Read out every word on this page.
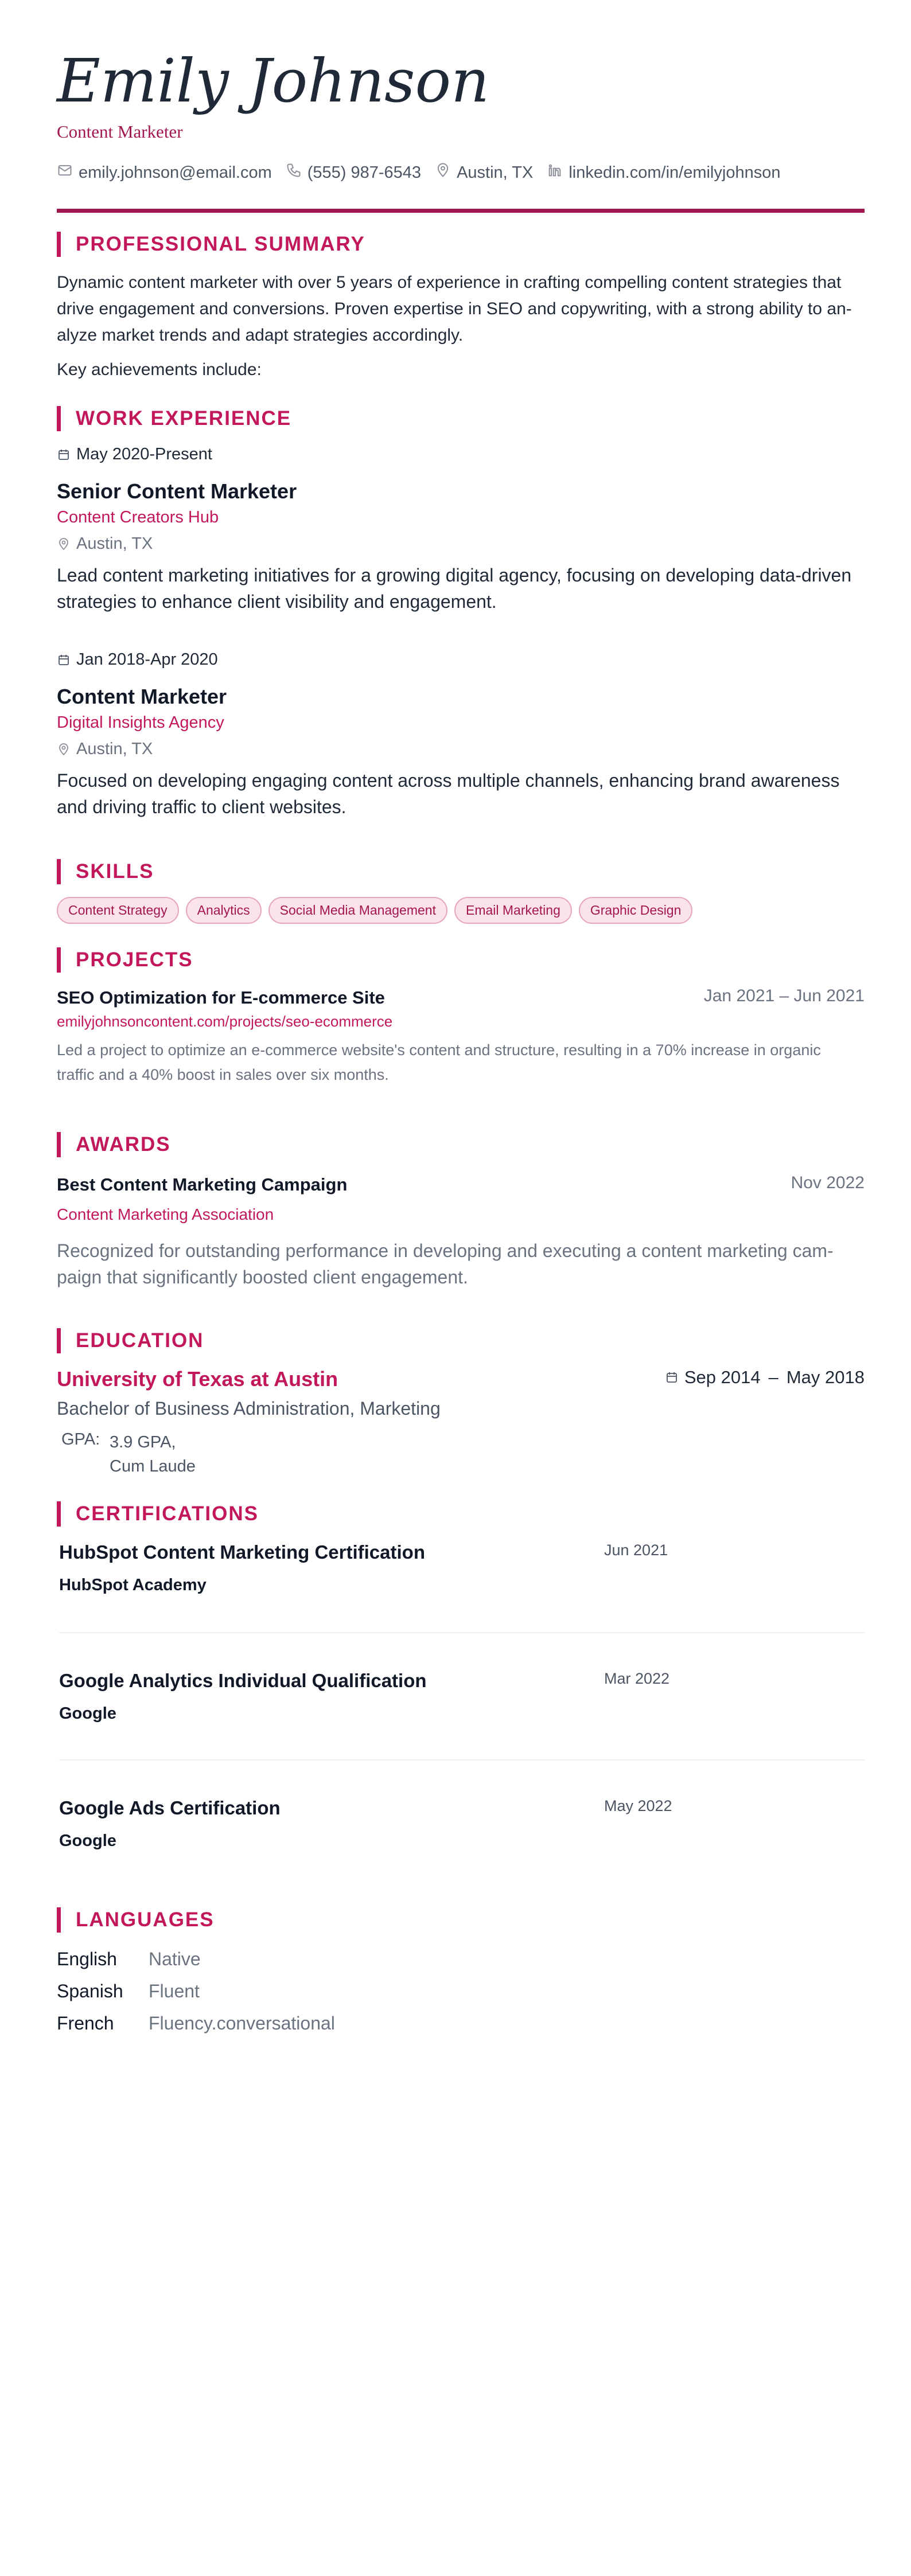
Emily Johnson
Content Marketer
emily.johnson@email.com (555) 987-6543 Austin, TX linkedin.com/in/emilyjohnson
PROFESSIONAL SUMMARY
Dynamic content marketer with over 5 years of experience in crafting compelling content strategies that
drive engagement and conversions. Proven expertise in SEO and copywriting, with a strong ability to an-
alyze market trends and adapt strategies accordingly.
Key achievements include:
WORK EXPERIENCE
May 2020-Present
Senior Content Marketer
Content Creators Hub
Austin, TX
Lead content marketing initiatives for a growing digital agency, focusing on developing data-driven
strategies to enhance client visibility and engagement.
Jan 2018-Apr 2020
Content Marketer
Digital Insights Agency
Austin, TX
Focused on developing engaging content across multiple channels, enhancing brand awareness
and driving traffic to client websites.
SKILLS
Content Strategy	Analytics	Social Media Management	Email Marketing	Graphic Design
PROJECTS
SEO Optimization for E-commerce Site	Jan 2021 – Jun 2021
emilyjohnsoncontent.com/projects/seo-ecommerce
Led a project to optimize an e-commerce website's content and structure, resulting in a 70% increase in organic
traffic and a 40% boost in sales over six months.
AWARDS
Best Content Marketing Campaign	Nov 2022
Content Marketing Association
Recognized for outstanding performance in developing and executing a content marketing cam-
paign that significantly boosted client engagement.
EDUCATION
University of Texas at Austin	Sep 2014 – May 2018
Bachelor of Business Administration, Marketing
GPA: 3.9 GPA,
Cum Laude
CERTIFICATIONS
HubSpot Content Marketing Certification	Jun 2021
HubSpot Academy
Google Analytics Individual Qualification	Mar 2022
Google
Google Ads Certification	May 2022
Google
LANGUAGES
English Native
Spanish Fluent
French Fluency.conversational
